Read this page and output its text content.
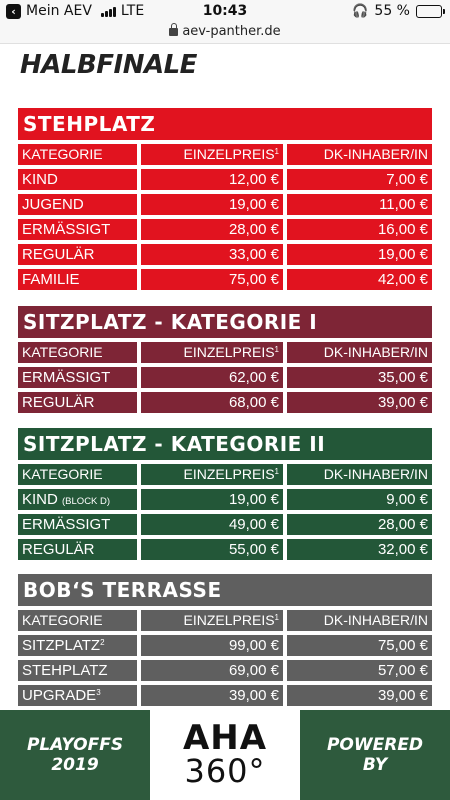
‹ Mein AEV LTE	10:43	🎧 55 %
aev-panther.de
HALBFINALE
STEHPLATZ
KATEGORIE	EINZELPREIS$^1$	DK-INHABER/IN
KIND	12,00 €	7,00 €
JUGEND	19,00 €	11,00 €
ERMÄSSIGT	28,00 €	16,00 €
REGULÄR	33,00 €	19,00 €
FAMILIE	75,00 €	42,00 €
SITZPLATZ - KATEGORIE I
KATEGORIE	EINZELPREIS$^1$	DK-INHABER/IN
ERMÄSSIGT	62,00 €	35,00 €
REGULÄR	68,00 €	39,00 €
SITZPLATZ - KATEGORIE II
KATEGORIE	EINZELPREIS$^1$	DK-INHABER/IN
KIND (BLOCK D)	19,00 €	9,00 €
ERMÄSSIGT	49,00 €	28,00 €
REGULÄR	55,00 €	32,00 €
BOB‘S TERRASSE
KATEGORIE	EINZELPREIS$^1$	DK-INHABER/IN
SITZPLATZ$^2$	99,00 €	75,00 €
STEHPLATZ	69,00 €	57,00 €
UPGRADE$^3$	39,00 €	39,00 €
PLAYOFFS
2019
AHA
360°
POWERED
BY
